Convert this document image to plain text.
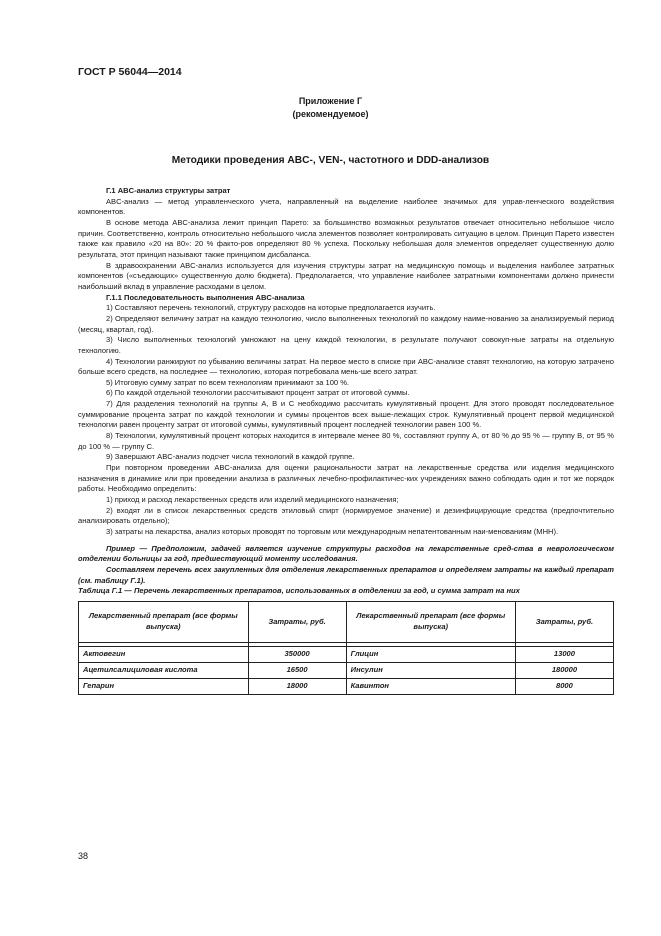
ГОСТ Р 56044—2014
Приложение Г
(рекомендуемое)
Методики проведения ABC-, VEN-, частотного и DDD-анализов

Г.1 ABC-анализ структуры затрат

ABC-анализ — метод управленческого учета, направленный на выделение наиболее значимых для управ-ленческого воздействия компонентов.

В основе метода ABC-анализа лежит принцип Парето: за большинство возможных результатов отвечает относительно небольшое число причин. Соответственно, контроль относительно небольшого числа элементов позволяет контролировать ситуацию в целом. Принцип Парето известен также как правило «20 на 80»: 20 % факто-ров определяют 80 % успеха. Поскольку небольшая доля элементов определяет существенную долю результата, этот принцип называют также принципом дисбаланса.

В здравоохранении ABC-анализ используется для изучения структуры затрат на медицинскую помощь и выделения наиболее затратных компонентов («съедающих» существенную долю бюджета). Предполагается, что управление наиболее затратными компонентами должно принести наибольший вклад в управление расходами в целом.

Г.1.1 Последовательность выполнения ABC-анализа

1) Составляют перечень технологий, структуру расходов на которые предполагается изучить.

2) Определяют величину затрат на каждую технологию, число выполненных технологий по каждому наиме-нованию за анализируемый период (месяц, квартал, год).

3) Число выполненных технологий умножают на цену каждой технологии, в результате получают совокуп-ные затраты на отдельную технологию.

4) Технологии ранжируют по убыванию величины затрат. На первое место в списке при ABC-анализе ставят технологию, на которую затрачено больше всего средств, на последнее — технологию, которая потребовала мень-ше всего затрат.

5) Итоговую сумму затрат по всем технологиям принимают за 100 %.

6) По каждой отдельной технологии рассчитывают процент затрат от итоговой суммы.

7) Для разделения технологий на группы A, B и C необходимо рассчитать кумулятивный процент. Для этого проводят последовательное суммирование процента затрат по каждой технологии и суммы процентов всех выше-лежащих строк. Кумулятивный процент первой медицинской технологии равен проценту затрат от итоговой суммы, кумулятивный процент последней технологии равен 100 %.

8) Технологии, кумулятивный процент которых находится в интервале менее 80 %, составляют группу A, от 80 % до 95 % — группу B, от 95 % до 100 % — группу C.

9) Завершают ABC-анализ подсчет числа технологий в каждой группе.

При повторном проведении ABC-анализа для оценки рациональности затрат на лекарственные средства или изделия медицинского назначения в динамике или при проведении анализа в различных лечебно-профилактичес-ких учреждениях важно соблюдать один и тот же порядок работы. Необходимо определить:

1) приход и расход лекарственных средств или изделий медицинского назначения;

2) входят ли в список лекарственных средств этиловый спирт (нормируемое значение) и дезинфицирующие средства (предпочтительно анализировать отдельно);

3) затраты на лекарства, анализ которых проводят по торговым или международным непатентованным наи-менованиям (МНН).

Пример — Предположим, задачей является изучение структуры расходов на лекарственные сред-ства в неврологическом отделении больницы за год, предшествующий моменту исследования.

Составляем перечень всех закупленных для отделения лекарственных препаратов и определяем затраты на каждый препарат (см. таблицу Г.1).

Таблица Г.1 — Перечень лекарственных препаратов, использованных в отделении за год, и сумма затрат на них

Лекарственный препарат (все формы выпуска)	Затраты, руб.	Лекарственный препарат (все формы выпуска)	Затраты, руб.

Актовегин	350000	Глицин	13000
Ацетилсалициловая кислота	16500	Инсулин	180000
Гепарин	18000	Кавинтон	8000
38
